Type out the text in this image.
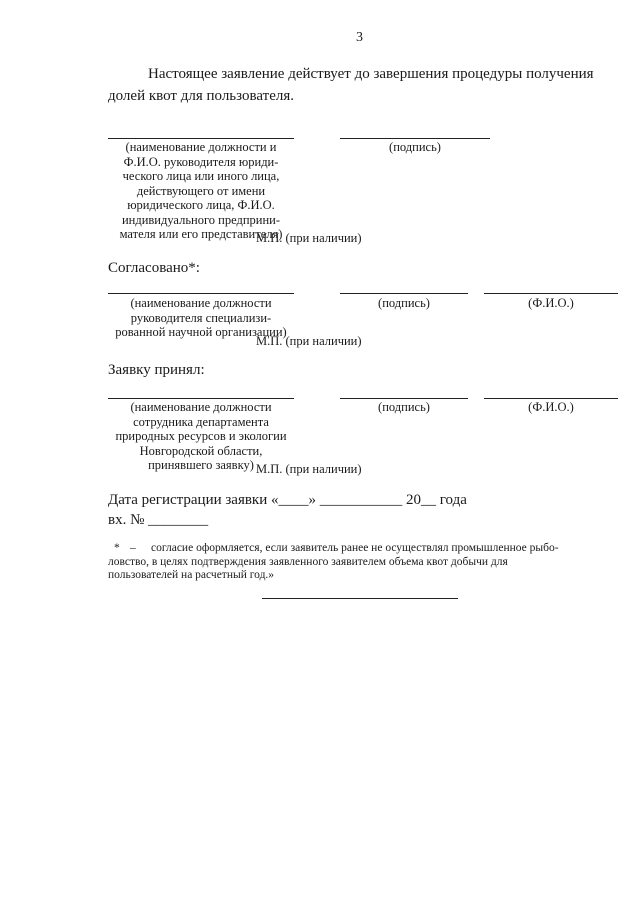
3
Настоящее заявление действует до завершения процедуры получения
долей квот для пользователя.
(наименование должности и
Ф.И.О. руководителя юриди-
ческого лица или иного лица,
действующего от имени
юридического лица, Ф.И.О.
индивидуального предприни-
мателя или его представителя)
(подпись)
М.П. (при наличии)
Согласовано*:
(наименование должности
руководителя специализи-
рованной научной организации)
(подпись)	(Ф.И.О.)
М.П. (при наличии)
Заявку принял:
(наименование должности
сотрудника департамента
природных ресурсов и экологии
Новгородской области,
принявшего заявку)
(подпись)	(Ф.И.О.)
М.П. (при наличии)
Дата регистрации заявки «____» ___________ 20__ года
вх. № ________
* – согласие оформляется, если заявитель ранее не осуществлял промышленное рыбо-
ловство, в целях подтверждения заявленного заявителем объема квот добычи для
пользователей на расчетный год.»
